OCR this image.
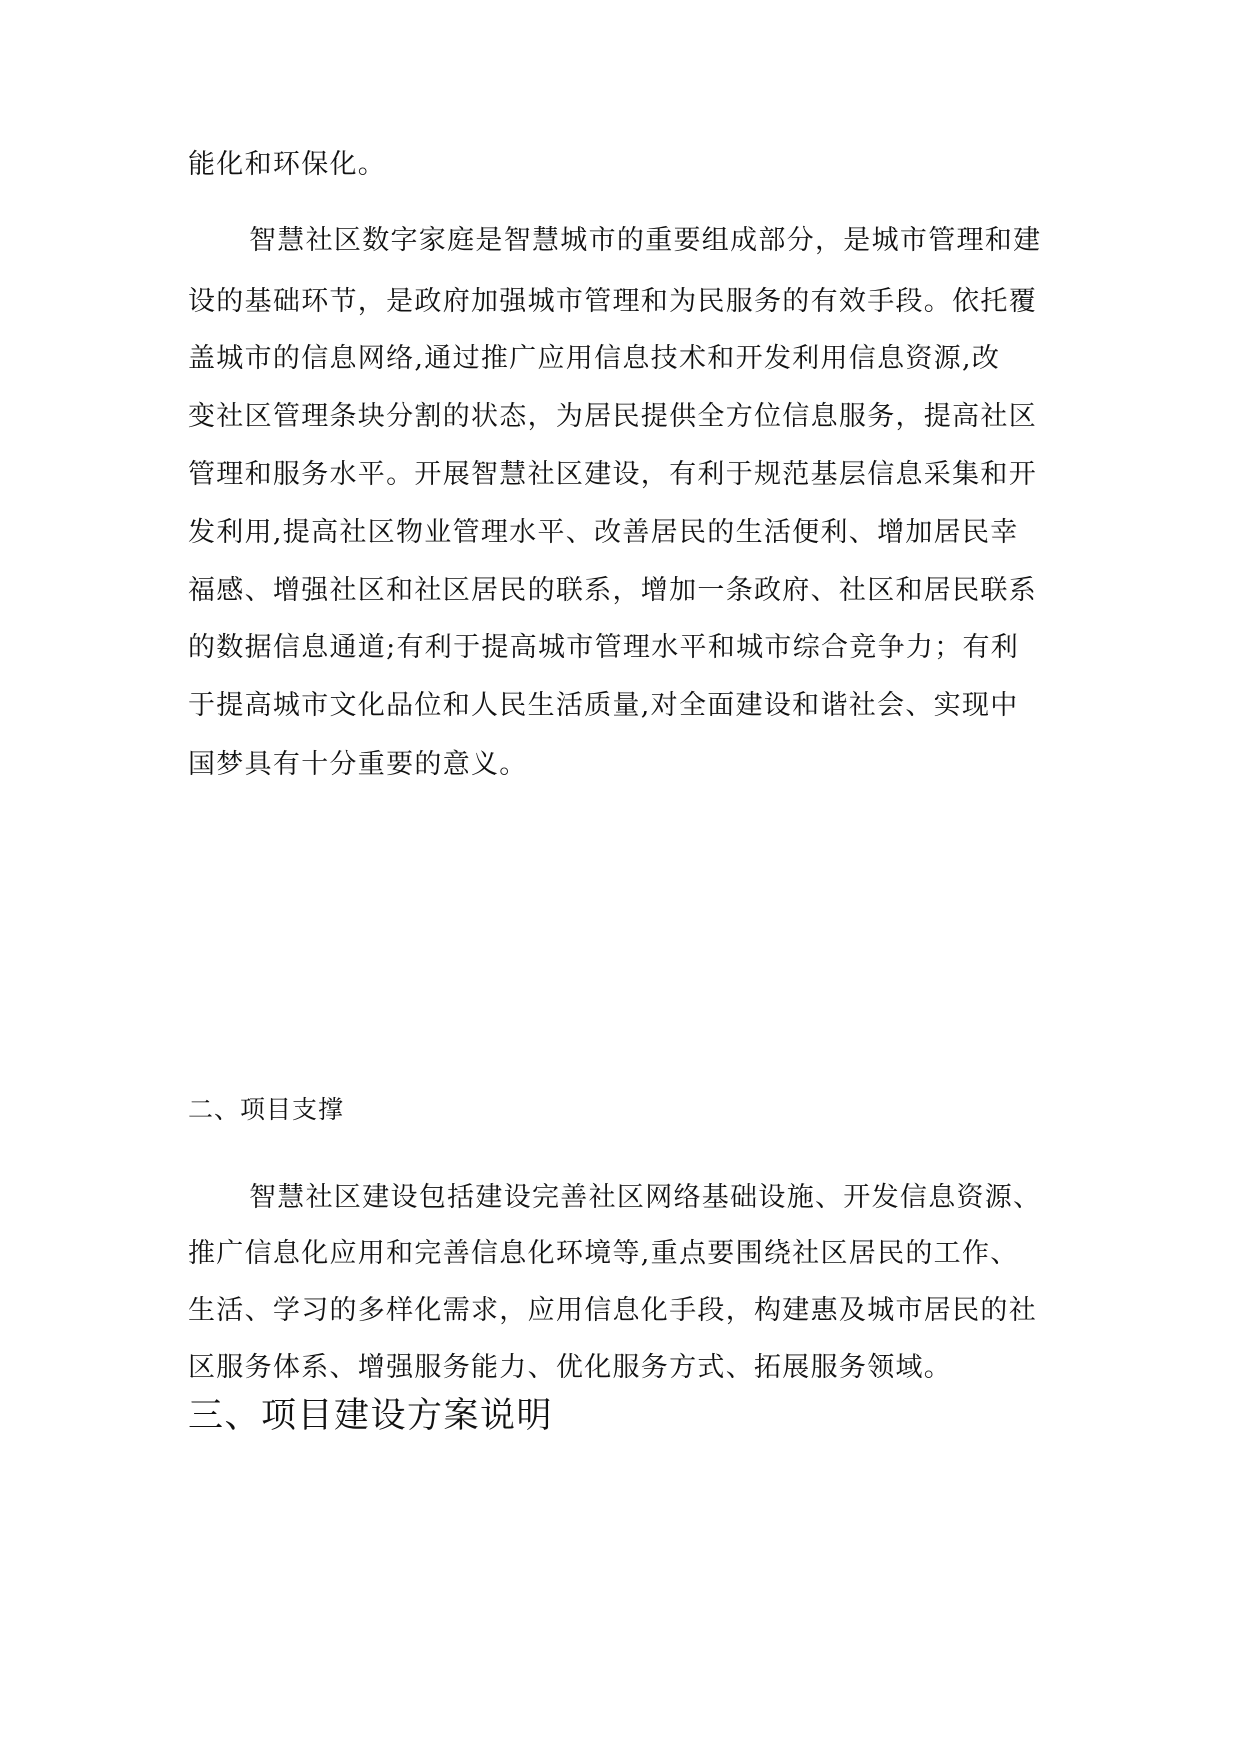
能化和环保化。
智慧社区数字家庭是智慧城市的重要组成部分，是城市管理和建
设的基础环节，是政府加强城市管理和为民服务的有效手段。依托覆
盖城市的信息网络,通过推广应用信息技术和开发利用信息资源,改
变社区管理条块分割的状态，为居民提供全方位信息服务，提高社区
管理和服务水平。开展智慧社区建设，有利于规范基层信息采集和开
发利用,提高社区物业管理水平、改善居民的生活便利、增加居民幸
福感、增强社区和社区居民的联系，增加一条政府、社区和居民联系
的数据信息通道;有利于提高城市管理水平和城市综合竞争力；有利
于提高城市文化品位和人民生活质量,对全面建设和谐社会、实现中
国梦具有十分重要的意义。
二、项目支撑
智慧社区建设包括建设完善社区网络基础设施、开发信息资源、
推广信息化应用和完善信息化环境等,重点要围绕社区居民的工作、
生活、学习的多样化需求，应用信息化手段，构建惠及城市居民的社
区服务体系、增强服务能力、优化服务方式、拓展服务领域。
三、项目建设方案说明
